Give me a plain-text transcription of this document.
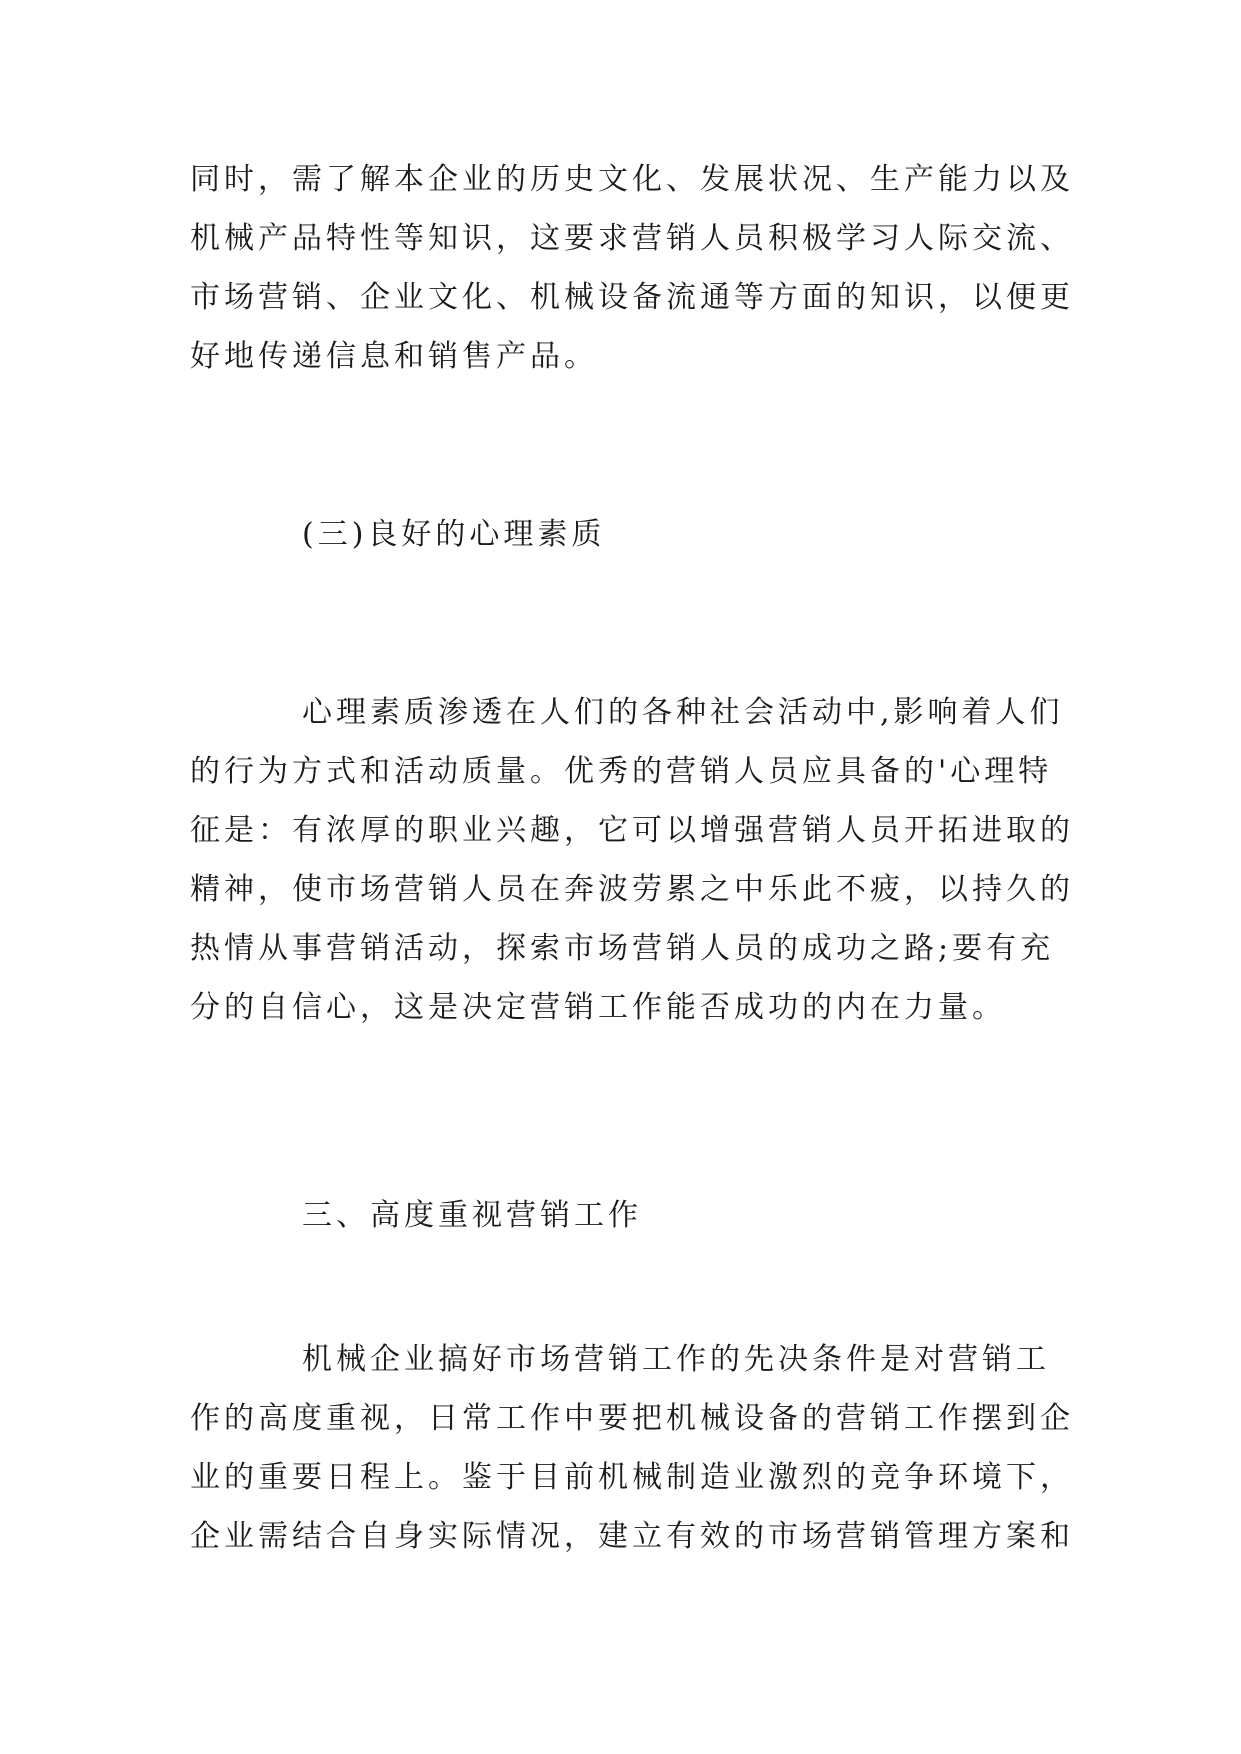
同时，需了解本企业的历史文化、发展状况、生产能力以及
机械产品特性等知识，这要求营销人员积极学习人际交流、
市场营销、企业文化、机械设备流通等方面的知识，以便更
好地传递信息和销售产品。
(三)良好的心理素质
心理素质渗透在人们的各种社会活动中,影响着人们
的行为方式和活动质量。优秀的营销人员应具备的'心理特
征是：有浓厚的职业兴趣，它可以增强营销人员开拓进取的
精神，使市场营销人员在奔波劳累之中乐此不疲，以持久的
热情从事营销活动，探索市场营销人员的成功之路;要有充
分的自信心，这是决定营销工作能否成功的内在力量。
三、高度重视营销工作
机械企业搞好市场营销工作的先决条件是对营销工
作的高度重视，日常工作中要把机械设备的营销工作摆到企
业的重要日程上。鉴于目前机械制造业激烈的竞争环境下，
企业需结合自身实际情况，建立有效的市场营销管理方案和
